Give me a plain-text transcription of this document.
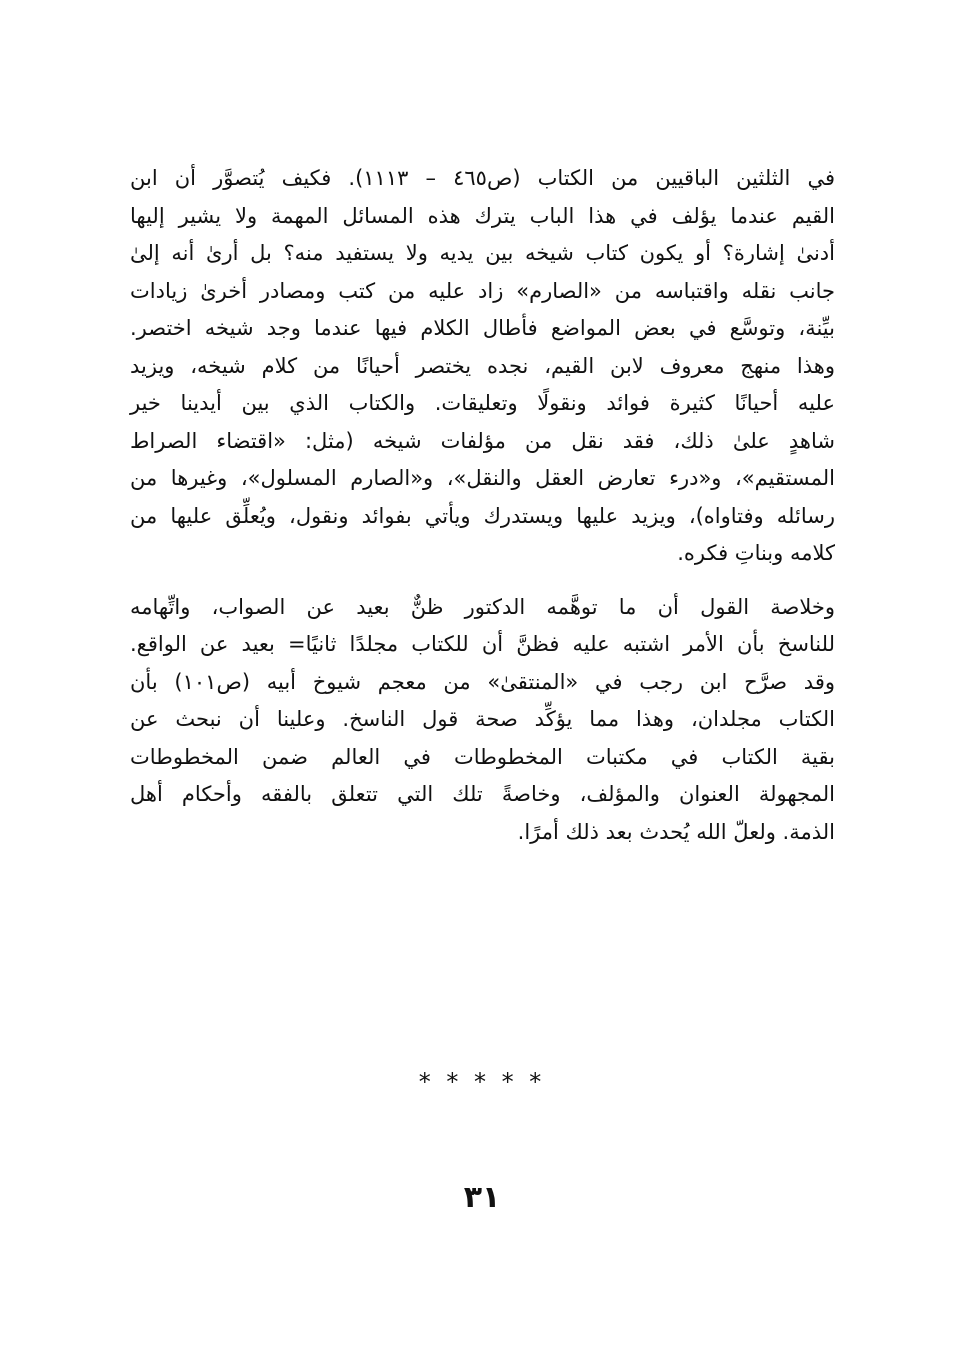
في الثلثين الباقيين من الكتاب (ص٤٦٥ – ١١١٣). فكيف يُتصوَّر أن ابن
القيم عندما يؤلف في هذا الباب يترك هذه المسائل المهمة ولا يشير إليها
أدنىٰ إشارة؟ أو يكون كتاب شيخه بين يديه ولا يستفيد منه؟ بل أرىٰ أنه إلىٰ
جانب نقله واقتباسه من «الصارم» زاد عليه من كتب ومصادر أخرىٰ زيادات
بيِّنة، وتوسَّع في بعض المواضع فأطال الكلام فيها عندما وجد شيخه اختصر.
وهذا منهج معروف لابن القيم، نجده يختصر أحيانًا من كلام شيخه، ويزيد
عليه أحيانًا كثيرة فوائد ونقولًا وتعليقات. والكتاب الذي بين أيدينا خير
شاهدٍ علىٰ ذلك، فقد نقل من مؤلفات شيخه (مثل: «اقتضاء الصراط
المستقيم»، و«درء تعارض العقل والنقل»، و«الصارم المسلول»، وغيرها من
رسائله وفتاواه)، ويزيد عليها ويستدرك ويأتي بفوائد ونقول، ويُعلِّق عليها من
كلامه وبناتِ فكره.

وخلاصة القول أن ما توهَّمه الدكتور ظنٌّ بعيد عن الصواب، واتِّهامه
للناسخ بأن الأمر اشتبه عليه فظنَّ أن للكتاب مجلدًا ثانيًا= بعيد عن الواقع.
وقد صرَّح ابن رجب في «المنتقىٰ» من معجم شيوخ أبيه (ص١٠١) بأن
الكتاب مجلدان، وهذا مما يؤكِّد صحة قول الناسخ. وعلينا أن نبحث عن
بقية الكتاب في مكتبات المخطوطات في العالم ضمن المخطوطات
المجهولة العنوان والمؤلف، وخاصةً تلك التي تتعلق بالفقه وأحكام أهل
الذمة. ولعلّ الله يُحدث بعد ذلك أمرًا.

* * * * *
٣١
